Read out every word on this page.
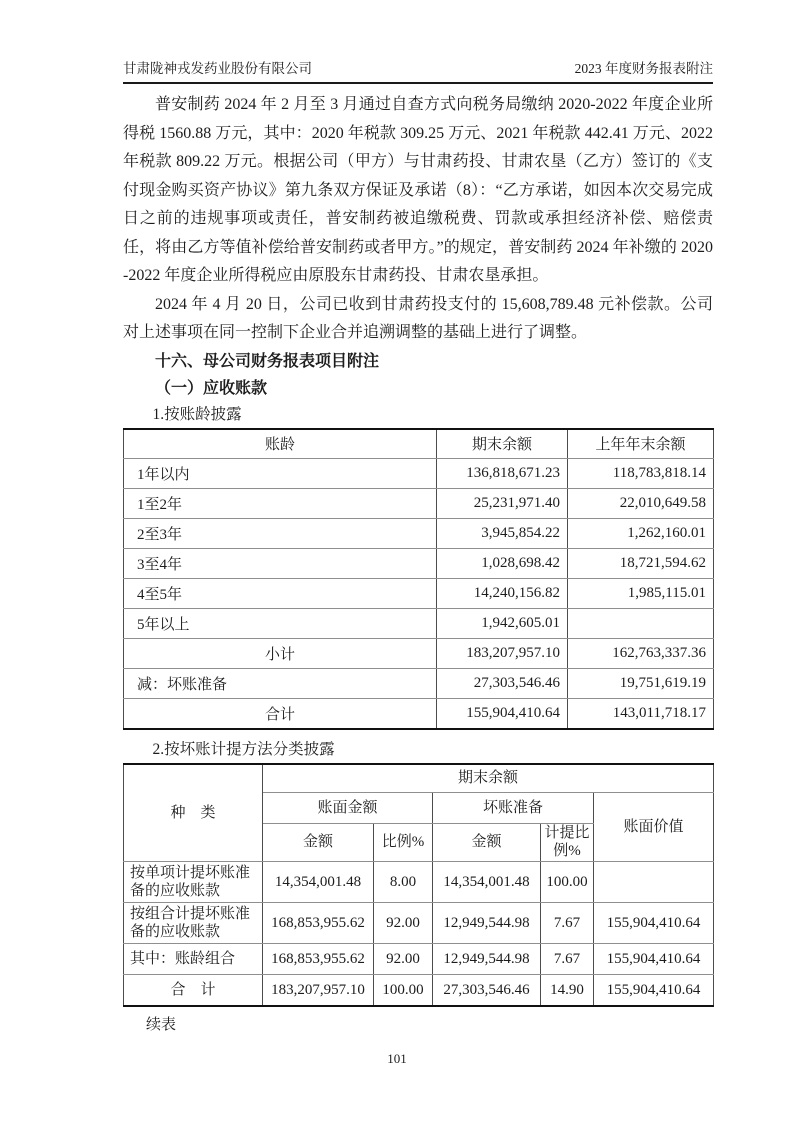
甘肃陇神戎发药业股份有限公司	2023 年度财务报表附注

普安制药 2024 年 2 月至 3 月通过自查方式向税务局缴纳 2020-2022 年度企业所得税 1560.88 万元，其中：2020 年税款 309.25 万元、2021 年税款 442.41 万元、2022 年税款 809.22 万元。根据公司（甲方）与甘肃药投、甘肃农垦（乙方）签订的《支付现金购买资产协议》第九条双方保证及承诺（8）：“乙方承诺，如因本次交易完成日之前的违规事项或责任，普安制药被追缴税费、罚款或承担经济补偿、赔偿责任，将由乙方等值补偿给普安制药或者甲方。”的规定，普安制药 2024 年补缴的 2020-2022 年度企业所得税应由原股东甘肃药投、甘肃农垦承担。

2024 年 4 月 20 日，公司已收到甘肃药投支付的 15,608,789.48 元补偿款。公司对上述事项在同一控制下企业合并追溯调整的基础上进行了调整。

十六、母公司财务报表项目附注

（一）应收账款

1.按账龄披露

账龄	期末余额	上年年末余额
1年以内	136,818,671.23	118,783,818.14
1至2年	25,231,971.40	22,010,649.58
2至3年	3,945,854.22	1,262,160.01
3至4年	1,028,698.42	18,721,594.62
4至5年	14,240,156.82	1,985,115.01
5年以上	1,942,605.01	
小计	183,207,957.10	162,763,337.36
减：坏账准备	27,303,546.46	19,751,619.19
合计	155,904,410.64	143,011,718.17

2.按坏账计提方法分类披露

种　类	期末余额				
	账面金额		坏账准备		账面价值
	金额	比例%	金额	计提比例%	
按单项计提坏账准备的应收账款	14,354,001.48	8.00	14,354,001.48	100.00	
按组合计提坏账准备的应收账款	168,853,955.62	92.00	12,949,544.98	7.67	155,904,410.64
其中：账龄组合	168,853,955.62	92.00	12,949,544.98	7.67	155,904,410.64
合　计	183,207,957.10	100.00	27,303,546.46	14.90	155,904,410.64

续表

101
